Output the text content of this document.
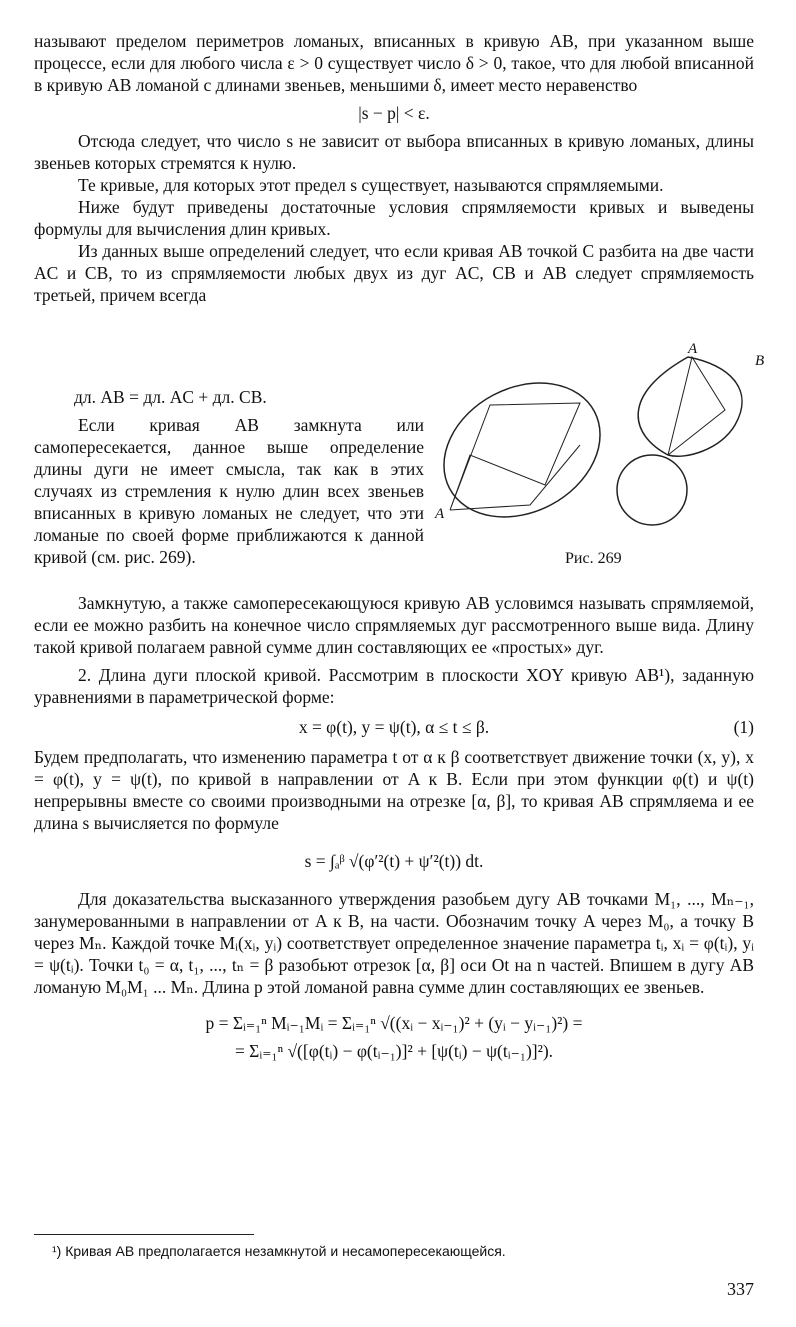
называют пределом периметров ломаных, вписанных в кривую AB, при указанном выше процессе, если для любого числа ε > 0 существует число δ > 0, такое, что для любой вписанной в кривую AB ломаной с длинами звеньев, меньшими δ, имеет место неравенство

|s − p| < ε.

Отсюда следует, что число s не зависит от выбора вписанных в кривую ломаных, длины звеньев которых стремятся к нулю.

Те кривые, для которых этот предел s существует, называются спрямляемыми.

Ниже будут приведены достаточные условия спрямляемости кривых и выведены формулы для вычисления длин кривых.

Из данных выше определений следует, что если кривая AB точкой C разбита на две части AC и CB, то из спрямляемости любых двух из дуг AC, CB и AB следует спрямляемость третьей, причем всегда

дл. AB = дл. AC + дл. CB.

Если кривая AB замкнута или самопересекается, данное выше определение длины дуги не имеет смысла, так как в этих случаях из стремления к нулю длин всех звеньев вписанных в кривую ломаных не следует, что эти ломаные по своей форме приближаются к данной кривой (см. рис. 269).

A
A
B
Рис. 269

Замкнутую, а также самопересекающуюся кривую AB условимся называть спрямляемой, если ее можно разбить на конечное число спрямляемых дуг рассмотренного выше вида. Длину такой кривой полагаем равной сумме длин составляющих ее «простых» дуг.

2. Длина дуги плоской кривой. Рассмотрим в плоскости XOY кривую AB¹), заданную уравнениями в параметрической форме:

x = φ(t), y = ψ(t), α ≤ t ≤ β.	(1)

Будем предполагать, что изменению параметра t от α к β соответствует движение точки (x, y), x = φ(t), y = ψ(t), по кривой в направлении от A к B. Если при этом функции φ(t) и ψ(t) непрерывны вместе со своими производными на отрезке [α, β], то кривая AB спрямляема и ее длина s вычисляется по формуле

s = ∫ₐᵝ √(φ′²(t) + ψ′²(t)) dt.

Для доказательства высказанного утверждения разобьем дугу AB точками M₁, ..., Mₙ₋₁, занумерованными в направлении от A к B, на части. Обозначим точку A через M₀, а точку B через Mₙ. Каждой точке Mᵢ(xᵢ, yᵢ) соответствует определенное значение параметра tᵢ, xᵢ = φ(tᵢ), yᵢ = ψ(tᵢ). Точки t₀ = α, t₁, ..., tₙ = β разобьют отрезок [α, β] оси Ot на n частей. Впишем в дугу AB ломаную M₀M₁ ... Mₙ. Длина p этой ломаной равна сумме длин составляющих ее звеньев.

p = Σᵢ₌₁ⁿ Mᵢ₋₁Mᵢ = Σᵢ₌₁ⁿ √((xᵢ − xᵢ₋₁)² + (yᵢ − yᵢ₋₁)²) =

= Σᵢ₌₁ⁿ √([φ(tᵢ) − φ(tᵢ₋₁)]² + [ψ(tᵢ) − ψ(tᵢ₋₁)]²).

¹) Кривая AB предполагается незамкнутой и несамопересекающейся.
337
